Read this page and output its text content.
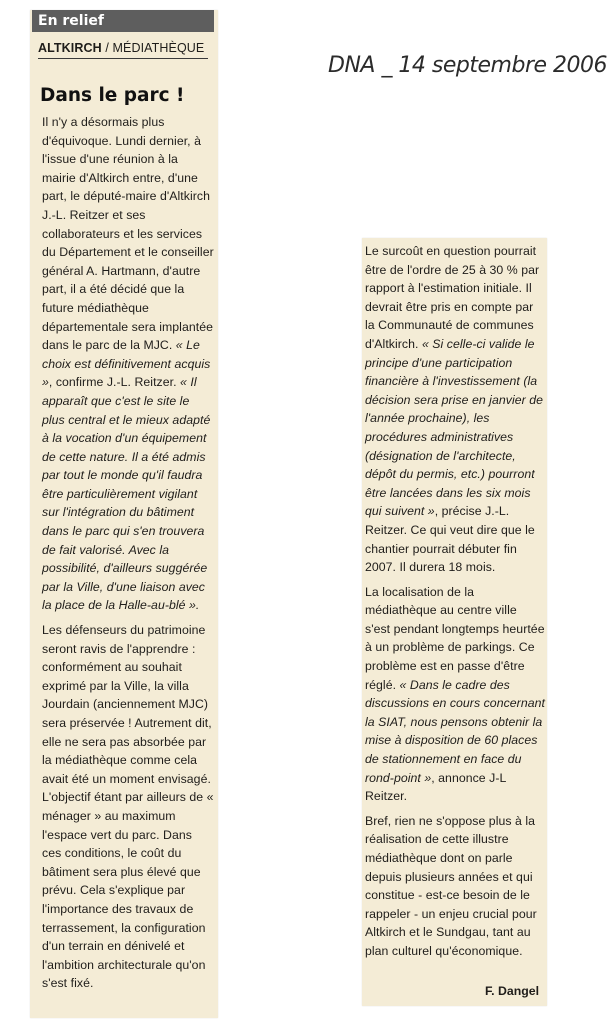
DNA _ 14 septembre 2006
En relief
ALTKIRCH / MÉDIATHÈQUE
Dans le parc !

Il n'y a désormais plus d'équivoque. Lundi dernier, à l'issue d'une réunion à la mairie d'Altkirch entre, d'une part, le député-maire d'Altkirch J.-L. Reitzer et ses collaborateurs et les services du Département et le conseiller général A. Hartmann, d'autre part, il a été décidé que la future médiathèque départementale sera implantée dans le parc de la MJC. « Le choix est définitivement acquis », confirme J.-L. Reitzer. « Il apparaît que c'est le site le plus central et le mieux adapté à la vocation d'un équipement de cette nature. Il a été admis par tout le monde qu'il faudra être particulièrement vigilant sur l'intégration du bâtiment dans le parc qui s'en trouvera de fait valorisé. Avec la possibilité, d'ailleurs suggérée par la Ville, d'une liaison avec la place de la Halle-au-blé ».

Les défenseurs du patrimoine seront ravis de l'apprendre : conformément au souhait exprimé par la Ville, la villa Jourdain (anciennement MJC) sera préservée ! Autrement dit, elle ne sera pas absorbée par la médiathèque comme cela avait été un moment envisagé. L'objectif étant par ailleurs de « ménager » au maximum l'espace vert du parc. Dans ces conditions, le coût du bâtiment sera plus élevé que prévu. Cela s'explique par l'importance des travaux de terrassement, la configuration d'un terrain en dénivelé et l'ambition architecturale qu'on s'est fixé.

Le surcoût en question pourrait être de l'ordre de 25 à 30 % par rapport à l'estimation initiale. Il devrait être pris en compte par la Communauté de communes d'Altkirch. « Si celle-ci valide le principe d'une participation financière à l'investissement (la décision sera prise en janvier de l'année prochaine), les procédures administratives (désignation de l'architecte, dépôt du permis, etc.) pourront être lancées dans les six mois qui suivent », précise J.-L. Reitzer. Ce qui veut dire que le chantier pourrait débuter fin 2007. Il durera 18 mois.

La localisation de la médiathèque au centre ville s'est pendant longtemps heurtée à un problème de parkings. Ce problème est en passe d'être réglé. « Dans le cadre des discussions en cours concernant la SIAT, nous pensons obtenir la mise à disposition de 60 places de stationnement en face du rond-point », annonce J-L Reitzer.

Bref, rien ne s'oppose plus à la réalisation de cette illustre médiathèque dont on parle depuis plusieurs années et qui constitue - est-ce besoin de le rappeler - un enjeu crucial pour Altkirch et le Sundgau, tant au plan culturel qu'économique.

F. Dangel
